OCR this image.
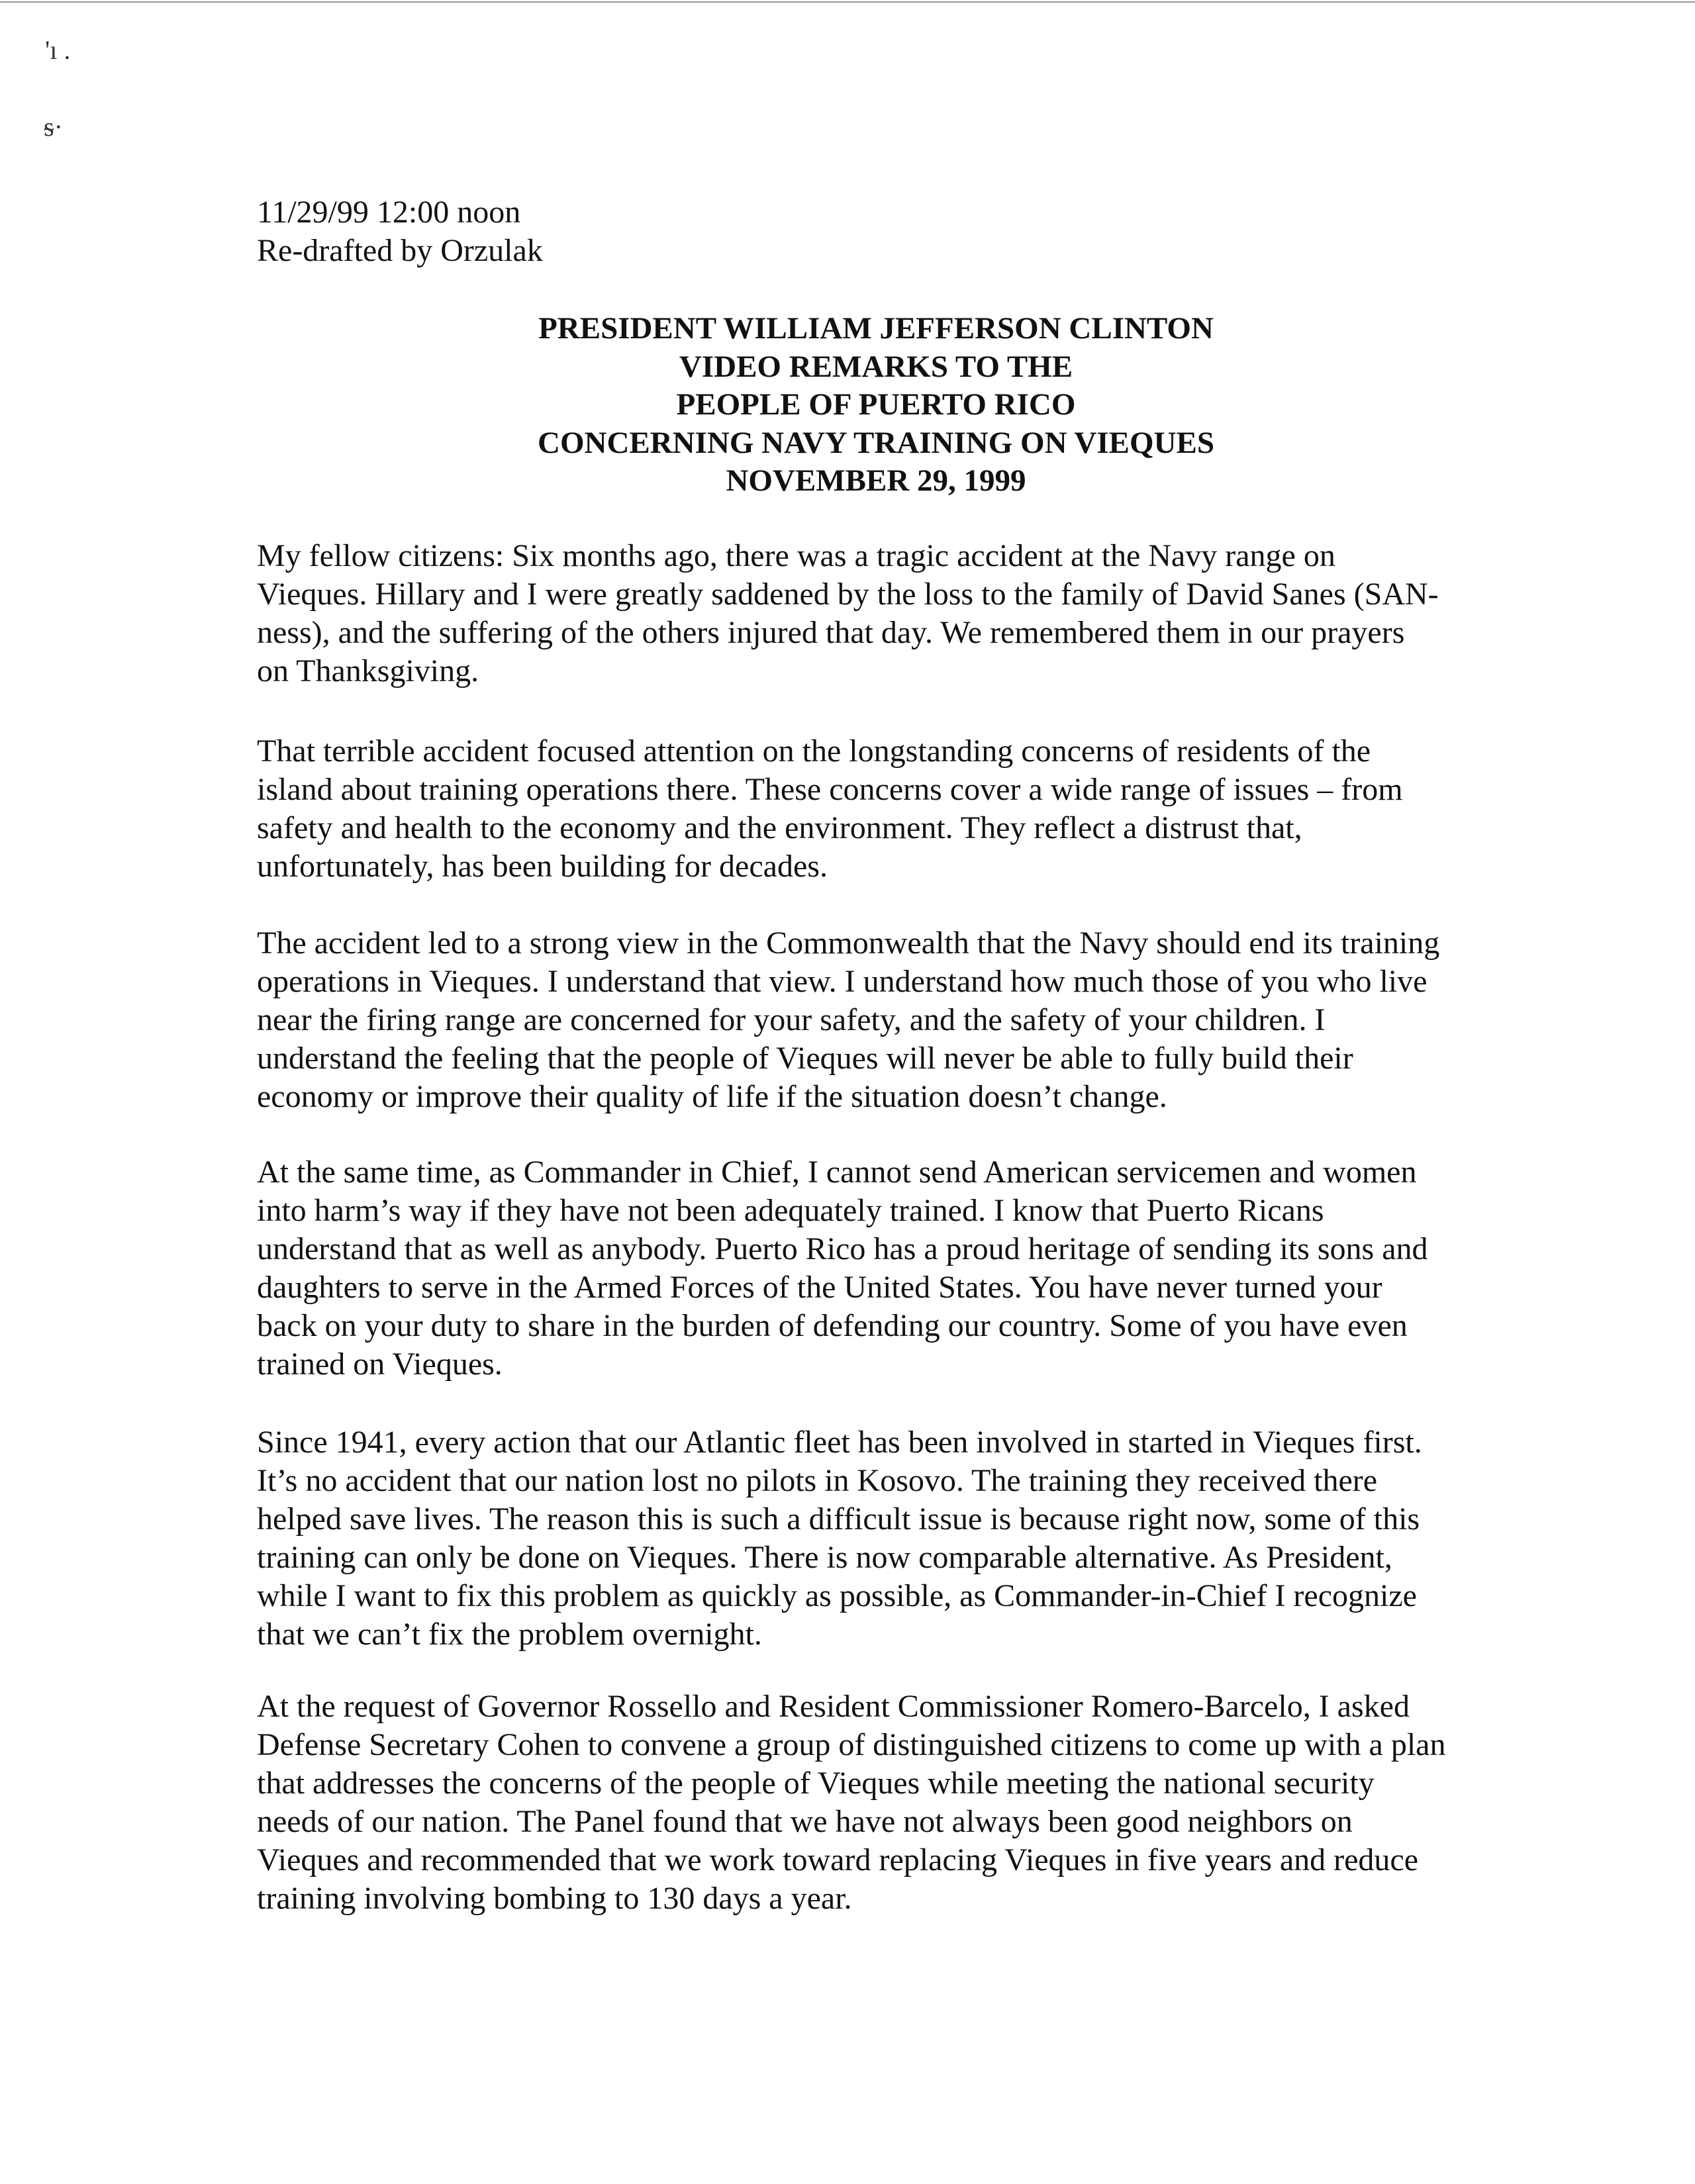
'ı .
ᵴ·
11/29/99 12:00 noon
Re-drafted by Orzulak
PRESIDENT WILLIAM JEFFERSON CLINTON
VIDEO REMARKS TO THE
PEOPLE OF PUERTO RICO
CONCERNING NAVY TRAINING ON VIEQUES
NOVEMBER 29, 1999
My fellow citizens: Six months ago, there was a tragic accident at the Navy range on
Vieques. Hillary and I were greatly saddened by the loss to the family of David Sanes (SAN-
ness), and the suffering of the others injured that day. We remembered them in our prayers
on Thanksgiving.
That terrible accident focused attention on the longstanding concerns of residents of the
island about training operations there. These concerns cover a wide range of issues – from
safety and health to the economy and the environment. They reflect a distrust that,
unfortunately, has been building for decades.
The accident led to a strong view in the Commonwealth that the Navy should end its training
operations in Vieques. I understand that view. I understand how much those of you who live
near the firing range are concerned for your safety, and the safety of your children. I
understand the feeling that the people of Vieques will never be able to fully build their
economy or improve their quality of life if the situation doesn’t change.
At the same time, as Commander in Chief, I cannot send American servicemen and women
into harm’s way if they have not been adequately trained. I know that Puerto Ricans
understand that as well as anybody. Puerto Rico has a proud heritage of sending its sons and
daughters to serve in the Armed Forces of the United States. You have never turned your
back on your duty to share in the burden of defending our country. Some of you have even
trained on Vieques.
Since 1941, every action that our Atlantic fleet has been involved in started in Vieques first.
It’s no accident that our nation lost no pilots in Kosovo. The training they received there
helped save lives. The reason this is such a difficult issue is because right now, some of this
training can only be done on Vieques. There is now comparable alternative. As President,
while I want to fix this problem as quickly as possible, as Commander-in-Chief I recognize
that we can’t fix the problem overnight.
At the request of Governor Rossello and Resident Commissioner Romero-Barcelo, I asked
Defense Secretary Cohen to convene a group of distinguished citizens to come up with a plan
that addresses the concerns of the people of Vieques while meeting the national security
needs of our nation. The Panel found that we have not always been good neighbors on
Vieques and recommended that we work toward replacing Vieques in five years and reduce
training involving bombing to 130 days a year.
